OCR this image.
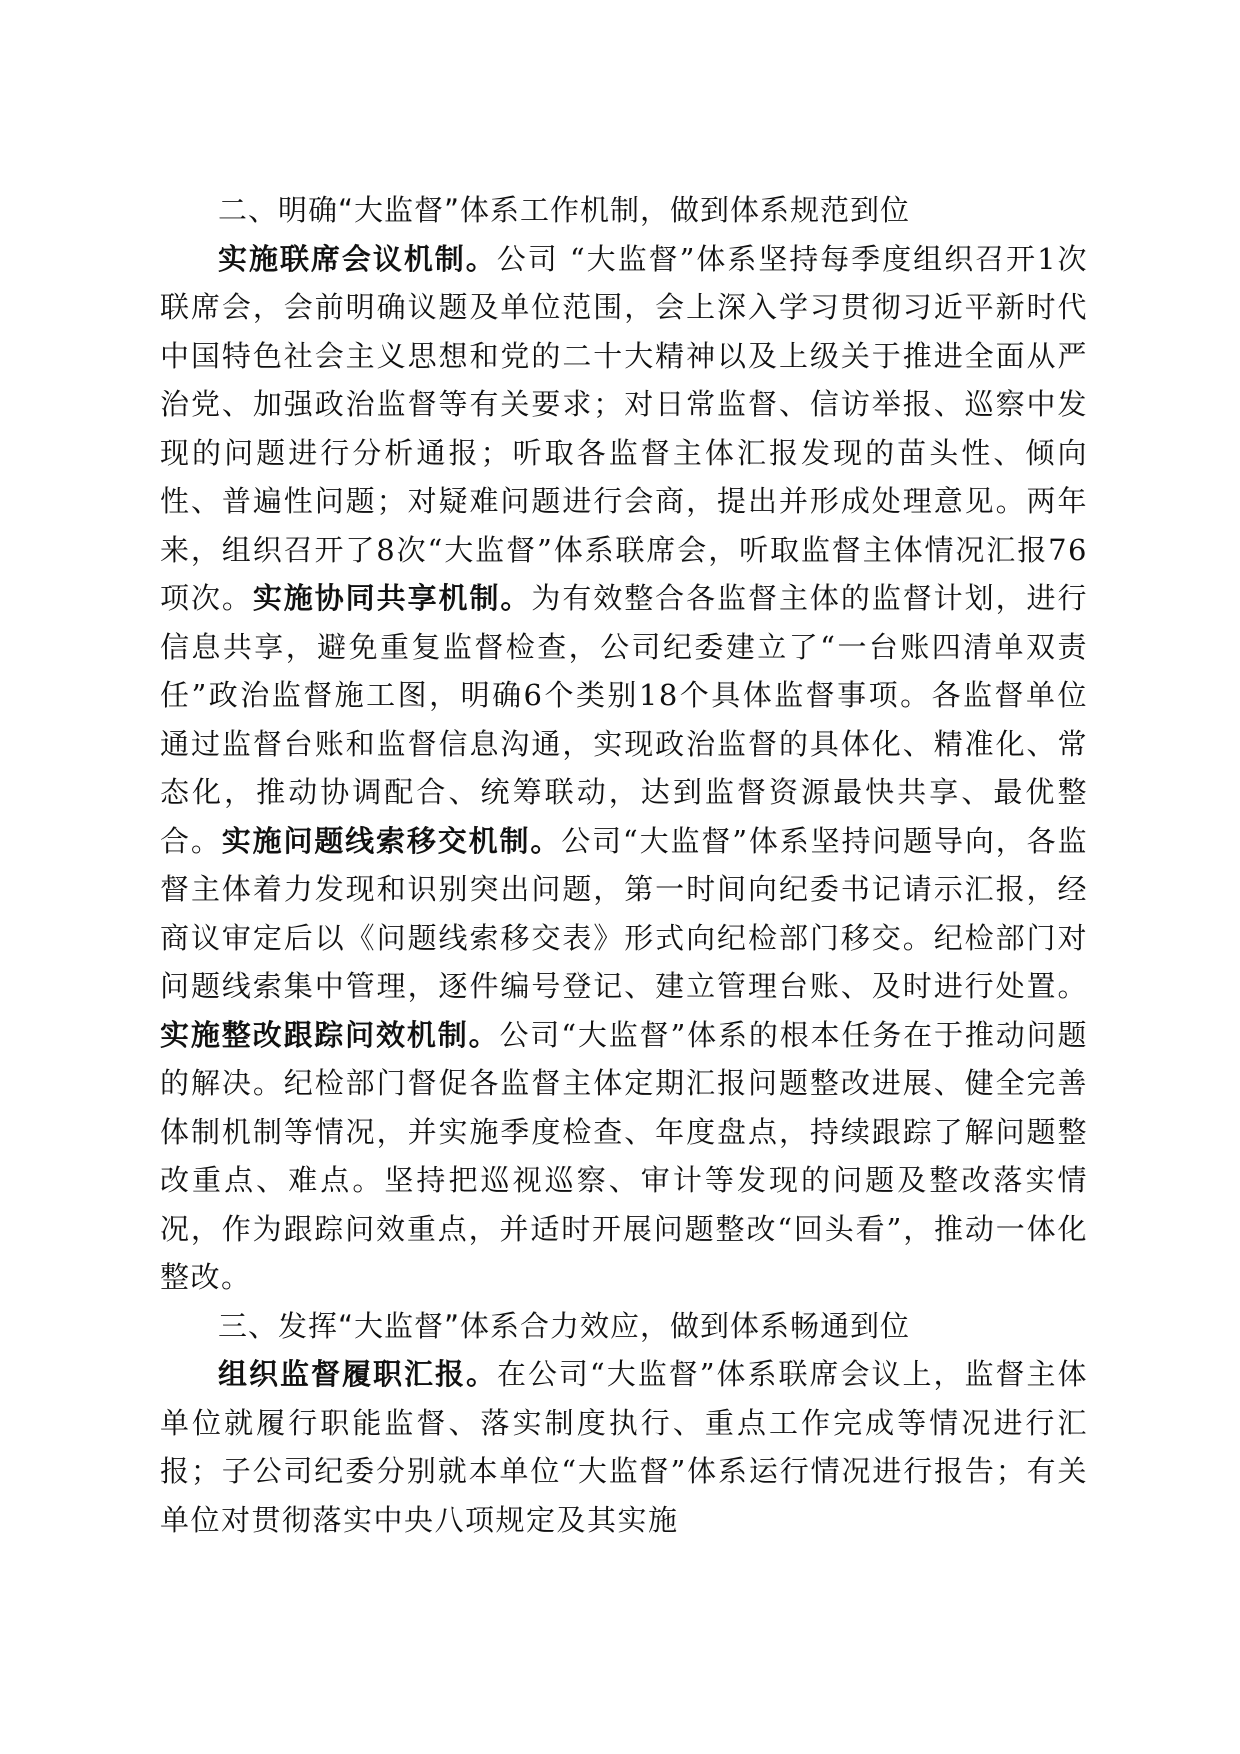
二、明确“大监督”体系工作机制，做到体系规范到位

实施联席会议机制。公司 “大监督”体系坚持每季度组织召开1次联席会，会前明确议题及单位范围，会上深入学习贯彻习近平新时代中国特色社会主义思想和党的二十大精神以及上级关于推进全面从严治党、加强政治监督等有关要求；对日常监督、信访举报、巡察中发现的问题进行分析通报；听取各监督主体汇报发现的苗头性、倾向性、普遍性问题；对疑难问题进行会商，提出并形成处理意见。两年来，组织召开了8次“大监督”体系联席会，听取监督主体情况汇报76项次。实施协同共享机制。为有效整合各监督主体的监督计划，进行信息共享，避免重复监督检查，公司纪委建立了“一台账四清单双责任”政治监督施工图，明确6个类别18个具体监督事项。各监督单位通过监督台账和监督信息沟通，实现政治监督的具体化、精准化、常态化，推动协调配合、统筹联动，达到监督资源最快共享、最优整合。实施问题线索移交机制。公司“大监督”体系坚持问题导向，各监督主体着力发现和识别突出问题，第一时间向纪委书记请示汇报，经商议审定后以《问题线索移交表》形式向纪检部门移交。纪检部门对问题线索集中管理，逐件编号登记、建立管理台账、及时进行处置。实施整改跟踪问效机制。公司“大监督”体系的根本任务在于推动问题的解决。纪检部门督促各监督主体定期汇报问题整改进展、健全完善体制机制等情况，并实施季度检查、年度盘点，持续跟踪了解问题整改重点、难点。坚持把巡视巡察、审计等发现的问题及整改落实情况，作为跟踪问效重点，并适时开展问题整改“回头看”，推动一体化整改。

三、发挥“大监督”体系合力效应，做到体系畅通到位

组织监督履职汇报。在公司“大监督”体系联席会议上，监督主体单位就履行职能监督、落实制度执行、重点工作完成等情况进行汇报；子公司纪委分别就本单位“大监督”体系运行情况进行报告；有关单位对贯彻落实中央八项规定及其实施
